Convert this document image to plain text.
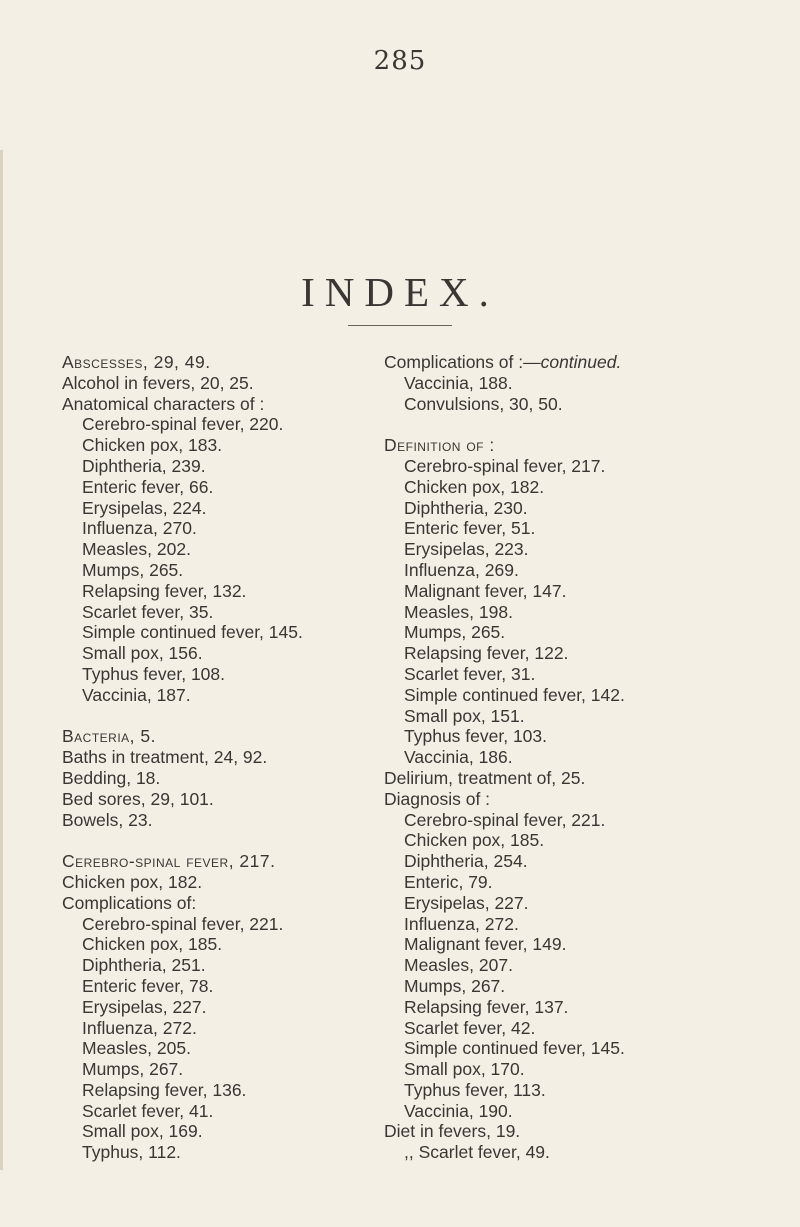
285
INDEX.
Abscesses, 29, 49.
Alcohol in fevers, 20, 25.
Anatomical characters of :
Cerebro-spinal fever, 220.
Chicken pox, 183.
Diphtheria, 239.
Enteric fever, 66.
Erysipelas, 224.
Influenza, 270.
Measles, 202.
Mumps, 265.
Relapsing fever, 132.
Scarlet fever, 35.
Simple continued fever, 145.
Small pox, 156.
Typhus fever, 108.
Vaccinia, 187.
Bacteria, 5.
Baths in treatment, 24, 92.
Bedding, 18.
Bed sores, 29, 101.
Bowels, 23.
Cerebro-spinal fever, 217.
Chicken pox, 182.
Complications of:
Cerebro-spinal fever, 221.
Chicken pox, 185.
Diphtheria, 251.
Enteric fever, 78.
Erysipelas, 227.
Influenza, 272.
Measles, 205.
Mumps, 267.
Relapsing fever, 136.
Scarlet fever, 41.
Small pox, 169.
Typhus, 112.
Complications of :—continued.
Vaccinia, 188.
Convulsions, 30, 50.
Definition of :
Cerebro-spinal fever, 217.
Chicken pox, 182.
Diphtheria, 230.
Enteric fever, 51.
Erysipelas, 223.
Influenza, 269.
Malignant fever, 147.
Measles, 198.
Mumps, 265.
Relapsing fever, 122.
Scarlet fever, 31.
Simple continued fever, 142.
Small pox, 151.
Typhus fever, 103.
Vaccinia, 186.
Delirium, treatment of, 25.
Diagnosis of :
Cerebro-spinal fever, 221.
Chicken pox, 185.
Diphtheria, 254.
Enteric, 79.
Erysipelas, 227.
Influenza, 272.
Malignant fever, 149.
Measles, 207.
Mumps, 267.
Relapsing fever, 137.
Scarlet fever, 42.
Simple continued fever, 145.
Small pox, 170.
Typhus fever, 113.
Vaccinia, 190.
Diet in fevers, 19.
,, Scarlet fever, 49.
